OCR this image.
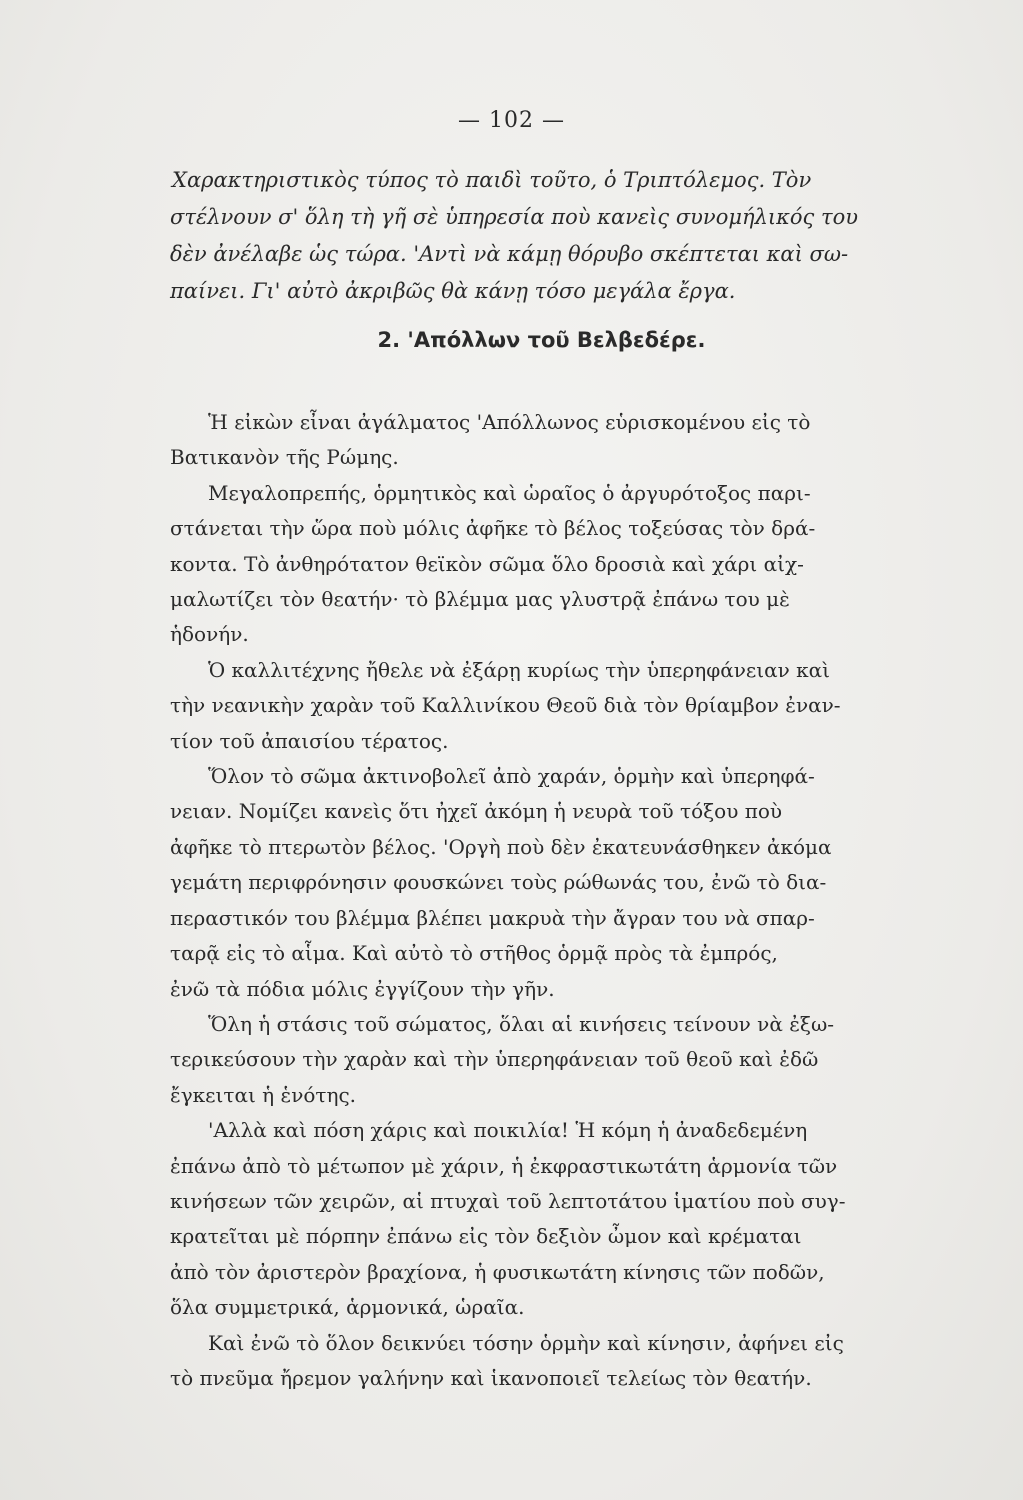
— 102 —

Χαρακτηριστικὸς τύπος τὸ παιδὶ τοῦτο, ὁ Τριπτόλεμος. Τὸν

στέλνουν σ' ὅλη τὴ γῆ σὲ ὑπηρεσία ποὺ κανεὶς συνομήλικός του

δὲν ἀνέλαβε ὡς τώρα. 'Αντὶ νὰ κάμῃ θόρυβο σκέπτεται καὶ σω-

παίνει. Γι' αὐτὸ ἀκριβῶς θὰ κάνῃ τόσο μεγάλα ἔργα.

2. 'Απόλλων τοῦ Βελβεδέρε.
Ἡ εἰκὼν εἶναι ἀγάλματος 'Απόλλωνος εὑρισκομένου εἰς τὸ
Βατικανὸν τῆς Ρώμης.
Μεγαλοπρεπής, ὁρμητικὸς καὶ ὡραῖος ὁ ἀργυρότοξος παρι-
στάνεται τὴν ὥρα ποὺ μόλις ἀφῆκε τὸ βέλος τοξεύσας τὸν δρά-
κοντα. Τὸ ἀνθηρότατον θεϊκὸν σῶμα ὅλο δροσιὰ καὶ χάρι αἰχ-
μαλωτίζει τὸν θεατήν· τὸ βλέμμα μας γλυστρᾷ ἐπάνω του μὲ
ἡδονήν.
Ὁ καλλιτέχνης ἤθελε νὰ ἐξάρῃ κυρίως τὴν ὑπερηφάνειαν καὶ
τὴν νεανικὴν χαρὰν τοῦ Καλλινίκου Θεοῦ διὰ τὸν θρίαμβον ἐναν-
τίον τοῦ ἀπαισίου τέρατος.
Ὅλον τὸ σῶμα ἀκτινοβολεῖ ἀπὸ χαράν, ὁρμὴν καὶ ὑπερηφά-
νειαν. Νομίζει κανεὶς ὅτι ἠχεῖ ἀκόμη ἡ νευρὰ τοῦ τόξου ποὺ
ἀφῆκε τὸ πτερωτὸν βέλος. 'Οργὴ ποὺ δὲν ἐκατευνάσθηκεν ἀκόμα
γεμάτη περιφρόνησιν φουσκώνει τοὺς ρώθωνάς του, ἐνῶ τὸ δια-
περαστικόν του βλέμμα βλέπει μακρυὰ τὴν ἄγραν του νὰ σπαρ-
ταρᾷ εἰς τὸ αἷμα. Καὶ αὐτὸ τὸ στῆθος ὁρμᾷ πρὸς τὰ ἐμπρός,
ἐνῶ τὰ πόδια μόλις ἐγγίζουν τὴν γῆν.
Ὅλη ἡ στάσις τοῦ σώματος, ὅλαι αἱ κινήσεις τείνουν νὰ ἐξω-
τερικεύσουν τὴν χαρὰν καὶ τὴν ὑπερηφάνειαν τοῦ θεοῦ καὶ ἐδῶ
ἔγκειται ἡ ἑνότης.
'Αλλὰ καὶ πόση χάρις καὶ ποικιλία! Ἡ κόμη ἡ ἀναδεδεμένη
ἐπάνω ἀπὸ τὸ μέτωπον μὲ χάριν, ἡ ἐκφραστικωτάτη ἁρμονία τῶν
κινήσεων τῶν χειρῶν, αἱ πτυχαὶ τοῦ λεπτοτάτου ἱματίου ποὺ συγ-
κρατεῖται μὲ πόρπην ἐπάνω εἰς τὸν δεξιὸν ὦμον καὶ κρέμαται
ἀπὸ τὸν ἀριστερὸν βραχίονα, ἡ φυσικωτάτη κίνησις τῶν ποδῶν,
ὅλα συμμετρικά, ἁρμονικά, ὡραῖα.
Καὶ ἐνῶ τὸ ὅλον δεικνύει τόσην ὁρμὴν καὶ κίνησιν, ἀφήνει εἰς
τὸ πνεῦμα ἤρεμον γαλήνην καὶ ἱκανοποιεῖ τελείως τὸν θεατήν.
